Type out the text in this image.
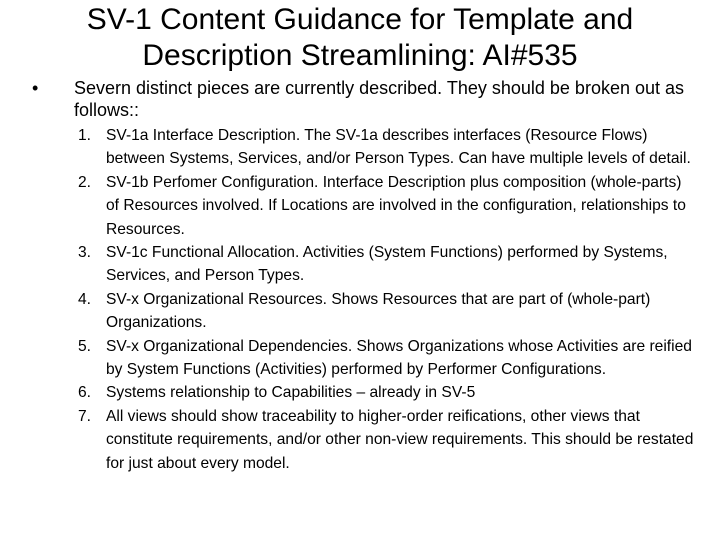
SV-1 Content Guidance for Template and
Description Streamlining: AI#535
•	Severn distinct pieces are currently described. They should be broken out as follows::
1. SV-1a Interface Description. The SV-1a describes interfaces (Resource Flows) between Systems, Services, and/or Person Types. Can have multiple levels of detail.
2. SV-1b Perfomer Configuration. Interface Description plus composition (whole-parts) of Resources involved. If Locations are involved in the configuration, relationships to Resources.
3. SV-1c Functional Allocation. Activities (System Functions) performed by Systems, Services, and Person Types.
4. SV-x Organizational Resources. Shows Resources that are part of (whole-part) Organizations.
5. SV-x Organizational Dependencies. Shows Organizations whose Activities are reified by System Functions (Activities) performed by Performer Configurations.
6. Systems relationship to Capabilities – already in SV-5
7. All views should show traceability to higher-order reifications, other views that constitute requirements, and/or other non-view requirements. This should be restated for just about every model.
